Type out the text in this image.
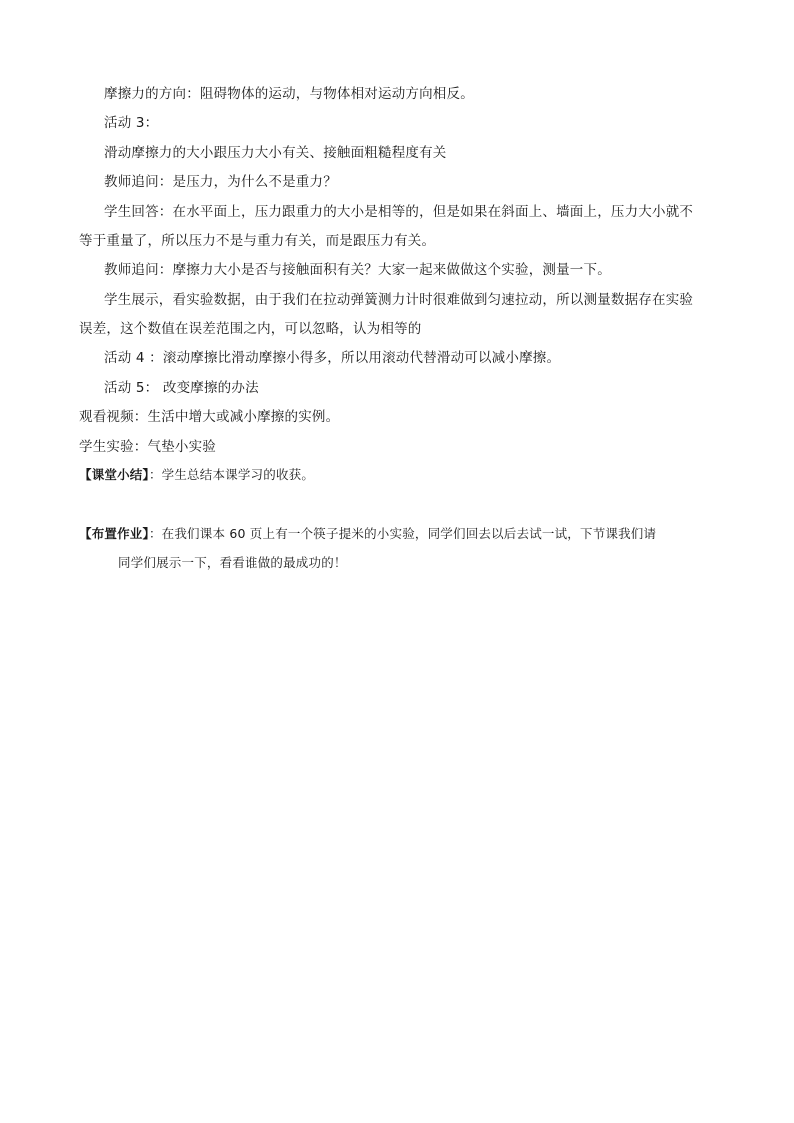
摩擦力的方向：阻碍物体的运动，与物体相对运动方向相反。
活动 3：
滑动摩擦力的大小跟压力大小有关、接触面粗糙程度有关
教师追问：是压力，为什么不是重力？
学生回答：在水平面上，压力跟重力的大小是相等的，但是如果在斜面上、墙面上，压力大小就不
等于重量了，所以压力不是与重力有关，而是跟压力有关。
教师追问：摩擦力大小是否与接触面积有关？大家一起来做做这个实验，测量一下。
学生展示，看实验数据，由于我们在拉动弹簧测力计时很难做到匀速拉动，所以测量数据存在实验
误差，这个数值在误差范围之内，可以忽略，认为相等的
活动 4 ：滚动摩擦比滑动摩擦小得多，所以用滚动代替滑动可以减小摩擦。
活动 5： 改变摩擦的办法
观看视频：生活中增大或减小摩擦的实例。
学生实验：气垫小实验
【课堂小结】：学生总结本课学习的收获。
【布置作业】：在我们课本 60 页上有一个筷子提米的小实验，同学们回去以后去试一试，下节课我们请
同学们展示一下，看看谁做的最成功的！
